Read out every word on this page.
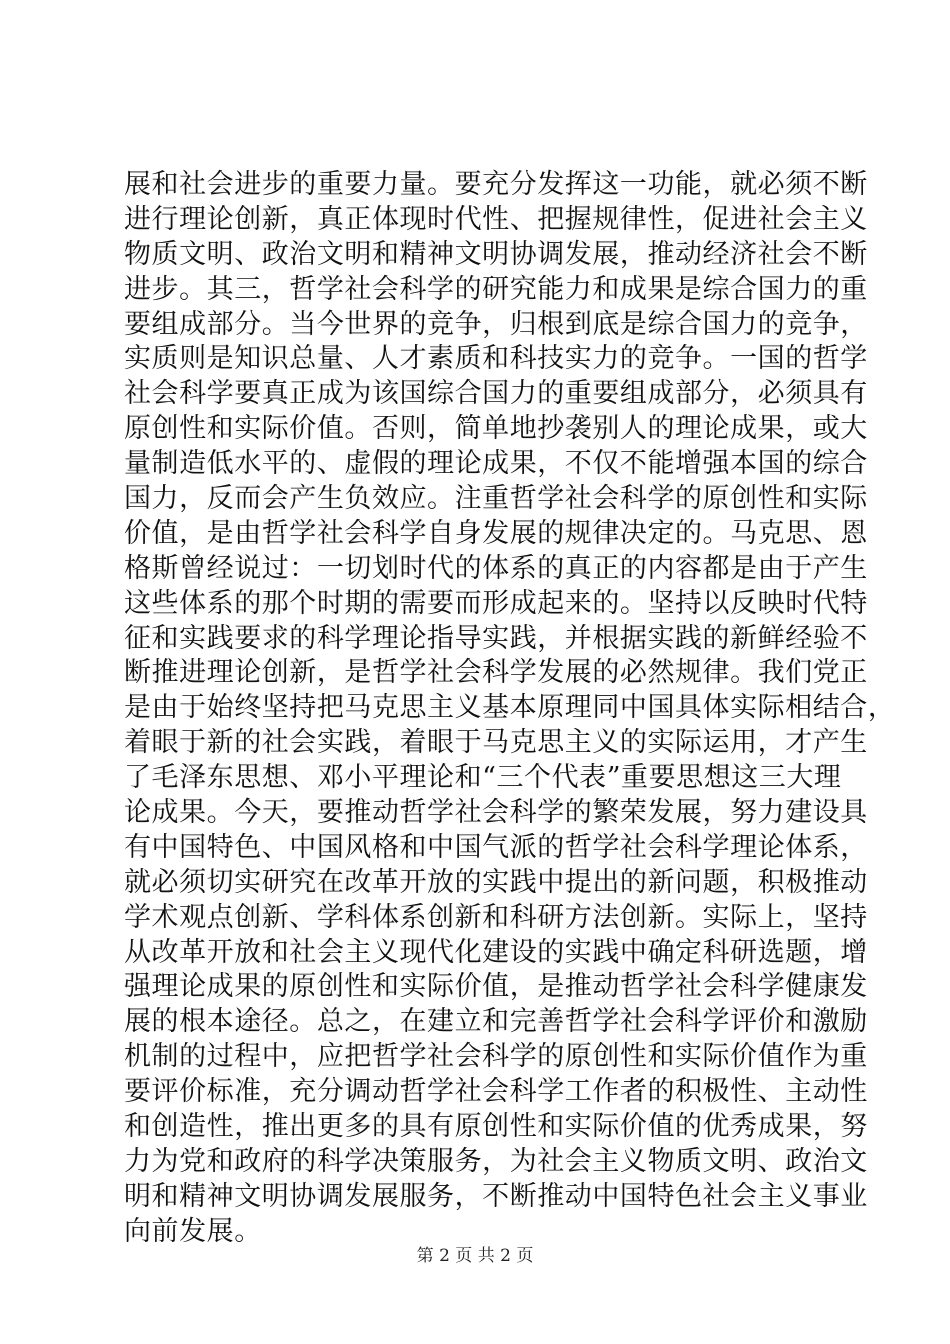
展和社会进步的重要力量。要充分发挥这一功能，就必须不断
进行理论创新，真正体现时代性、把握规律性，促进社会主义
物质文明、政治文明和精神文明协调发展，推动经济社会不断
进步。其三，哲学社会科学的研究能力和成果是综合国力的重
要组成部分。当今世界的竞争，归根到底是综合国力的竞争，
实质则是知识总量、人才素质和科技实力的竞争。一国的哲学
社会科学要真正成为该国综合国力的重要组成部分，必须具有
原创性和实际价值。否则，简单地抄袭别人的理论成果，或大
量制造低水平的、虚假的理论成果，不仅不能增强本国的综合
国力，反而会产生负效应。注重哲学社会科学的原创性和实际
价值，是由哲学社会科学自身发展的规律决定的。马克思、恩
格斯曾经说过：一切划时代的体系的真正的内容都是由于产生
这些体系的那个时期的需要而形成起来的。坚持以反映时代特
征和实践要求的科学理论指导实践，并根据实践的新鲜经验不
断推进理论创新，是哲学社会科学发展的必然规律。我们党正
是由于始终坚持把马克思主义基本原理同中国具体实际相结合，
着眼于新的社会实践，着眼于马克思主义的实际运用，才产生
了毛泽东思想、邓小平理论和“三个代表”重要思想这三大理
论成果。今天，要推动哲学社会科学的繁荣发展，努力建设具
有中国特色、中国风格和中国气派的哲学社会科学理论体系，
就必须切实研究在改革开放的实践中提出的新问题，积极推动
学术观点创新、学科体系创新和科研方法创新。实际上，坚持
从改革开放和社会主义现代化建设的实践中确定科研选题，增
强理论成果的原创性和实际价值，是推动哲学社会科学健康发
展的根本途径。总之，在建立和完善哲学社会科学评价和激励
机制的过程中，应把哲学社会科学的原创性和实际价值作为重
要评价标准，充分调动哲学社会科学工作者的积极性、主动性
和创造性，推出更多的具有原创性和实际价值的优秀成果，努
力为党和政府的科学决策服务，为社会主义物质文明、政治文
明和精神文明协调发展服务，不断推动中国特色社会主义事业
向前发展。
第 2 页 共 2 页
